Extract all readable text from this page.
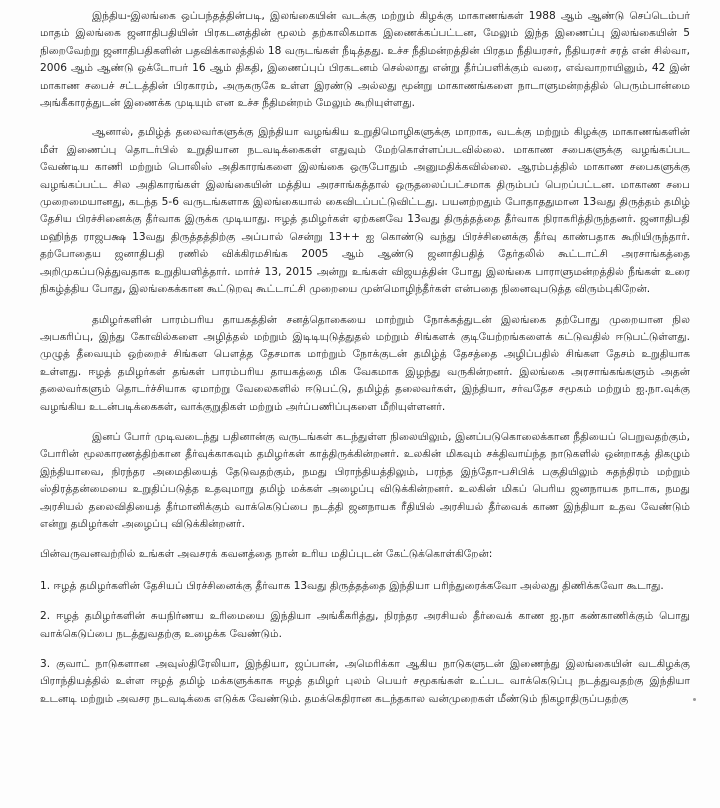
இந்திய-இலங்கை ஒப்பந்தத்தின்படி, இலங்கையின் வடக்கு மற்றும் கிழக்கு மாகாணங்கள் 1988 ஆம் ஆண்டு செப்டெம்பர் மாதம் இலங்கை ஜனாதிபதியின் பிரகடனத்தின் மூலம் தற்காலிகமாக இணைக்கப்பட்டன, மேலும் இந்த இணைப்பு இலங்கையின் 5 நிறைவேற்று ஜனாதிபதிகளின் பதவிக்காலத்தில் 18 வருடங்கள் நீடித்தது. உச்ச நீதிமன்றத்தின் பிரதம நீதியரசர், நீதியரசர் சரத் என் சில்வா, 2006 ஆம் ஆண்டு ஒக்டோபர் 16 ஆம் திகதி, இணைப்புப் பிரகடனம் செல்லாது என்று தீர்ப்பளிக்கும் வரை, எவ்வாறாயினும், 42 இன் மாகாண சபைச் சட்டத்தின் பிரகாரம், அருகருகே உள்ள இரண்டு அல்லது மூன்று மாகாணங்களை நாடாளுமன்றத்தில் பெரும்பான்மை அங்கீகாரத்துடன் இணைக்க முடியும் என உச்ச நீதிமன்றம் மேலும் கூறியுள்ளது.

ஆனால், தமிழ்த் தலைவர்களுக்கு இந்தியா வழங்கிய உறுதிமொழிகளுக்கு மாறாக, வடக்கு மற்றும் கிழக்கு மாகாணங்களின் மீள் இணைப்பு தொடர்பில் உறுதியான நடவடிக்கைகள் எதுவும் மேற்கொள்ளப்படவில்லை. மாகாண சபைகளுக்கு வழங்கப்பட வேண்டிய காணி மற்றும் பொலிஸ் அதிகாரங்களை இலங்கை ஒருபோதும் அனுமதிக்கவில்லை. ஆரம்பத்தில் மாகாண சபைகளுக்கு வழங்கப்பட்ட சில அதிகாரங்கள் இலங்கையின் மத்திய அரசாங்கத்தால் ஒருதலைப்பட்சமாக திரும்பப் பெறப்பட்டன. மாகாண சபை முறைமையானது, கடந்த 5-6 வருடங்களாக இலங்கையால் கைவிடப்பட்டுவிட்டது. பயனற்றதும் போதாததுமான 13வது திருத்தம் தமிழ் தேசிய பிரச்சினைக்கு தீர்வாக இருக்க முடியாது. ஈழத் தமிழர்கள் ஏற்கனவே 13வது திருத்தத்தை தீர்வாக நிராகரித்திருந்தனர். ஜனாதிபதி மஹிந்த ராஜபக்ஷ 13வது திருத்தத்திற்கு அப்பால் சென்று 13++ ஐ கொண்டு வந்து பிரச்சினைக்கு தீர்வு காண்பதாக கூறியிருந்தார். தற்போதைய ஜனாதிபதி ரணில் விக்கிரமசிங்க 2005 ஆம் ஆண்டு ஜனாதிபதித் தேர்தலில் கூட்டாட்சி அரசாங்கத்தை அறிமுகப்படுத்துவதாக உறுதியளித்தார். மார்ச் 13, 2015 அன்று உங்கள் விஜயத்தின் போது இலங்கை பாராளுமன்றத்தில் நீங்கள் உரை நிகழ்த்திய போது, இலங்கைக்கான கூட்டுறவு கூட்டாட்சி முறையை முன்மொழிந்தீர்கள் என்பதை நினைவுபடுத்த விரும்புகிறேன்.

தமிழர்களின் பாரம்பரிய தாயகத்தின் சனத்தொகையை மாற்றும் நோக்கத்துடன் இலங்கை தற்போது முறையான நில அபகரிப்பு, இந்து கோவில்களை அழித்தல் மற்றும் இடிடியுடுத்துதல் மற்றும் சிங்களக் குடியேற்றங்களைக் கட்டுவதில் ஈடுபட்டுள்ளது. முழுத் தீவையும் ஒற்றைச் சிங்கள பௌத்த தேசமாக மாற்றும் நோக்குடன் தமிழ்த் தேசத்தை அழிப்பதில் சிங்கள தேசம் உறுதியாக உள்ளது. ஈழத் தமிழர்கள் தங்கள் பாரம்பரிய தாயகத்தை மிக வேகமாக இழந்து வருகின்றனர். இலங்கை அரசாங்கங்களும் அதன் தலைவர்களும் தொடர்ச்சியாக ஏமாற்று வேலைகளில் ஈடுபட்டு, தமிழ்த் தலைவர்கள், இந்தியா, சர்வதேச சமூகம் மற்றும் ஐ.நா.வுக்கு வழங்கிய உடன்படிக்கைகள், வாக்குறுதிகள் மற்றும் அர்ப்பணிப்புகளை மீறியுள்ளனர்.

இனப் போர் முடிவடைந்து பதினான்கு வருடங்கள் கடந்துள்ள நிலையிலும், இனப்படுகொலைக்கான நீதியைப் பெறுவதற்கும், போரின் மூலகாரணத்திற்கான தீர்வுக்காகவும் தமிழர்கள் காத்திருக்கின்றனர். உலகின் மிகவும் சக்திவாய்ந்த நாடுகளில் ஒன்றாகத் திகழும் இந்தியாவை, நிரந்தர அமைதியைத் தேடுவதற்கும், நமது பிராந்தியத்திலும், பரந்த இந்தோ-பசிபிக் பகுதியிலும் சுதந்திரம் மற்றும் ஸ்திரத்தன்மையை உறுதிப்படுத்த உதவுமாறு தமிழ் மக்கள் அழைப்பு விடுக்கின்றனர். உலகின் மிகப் பெரிய ஜனநாயக நாடாக, நமது அரசியல் தலைவிதியைத் தீர்மானிக்கும் வாக்கெடுப்பை நடத்தி ஜனநாயக ரீதியில் அரசியல் தீர்வைக் காண இந்தியா உதவ வேண்டும் என்று தமிழர்கள் அழைப்பு விடுக்கின்றனர்.

பின்வருவனவற்றில் உங்கள் அவசரக் கவனத்தை நான் உரிய மதிப்புடன் கேட்டுக்கொள்கிறேன்:

1. ஈழத் தமிழர்களின் தேசியப் பிரச்சினைக்கு தீர்வாக 13வது திருத்தத்தை இந்தியா பரிந்துரைக்கவோ அல்லது திணிக்கவோ கூடாது.

2. ஈழத் தமிழர்களின் சுயநிர்ணய உரிமையை இந்தியா அங்கீகரித்து, நிரந்தர அரசியல் தீர்வைக் காண ஐ.நா கண்காணிக்கும் பொது வாக்கெடுப்பை நடத்துவதற்கு உழைக்க வேண்டும்.

3. குவாட் நாடுகளான அவுஸ்திரேலியா, இந்தியா, ஜப்பான், அமெரிக்கா ஆகிய நாடுகளுடன் இணைந்து இலங்கையின் வடகிழக்கு பிராந்தியத்தில் உள்ள ஈழத் தமிழ் மக்களுக்காக ஈழத் தமிழர் புலம் பெயர் சமூகங்கள் உட்பட வாக்கெடுப்பு நடத்துவதற்கு இந்தியா உடனடி மற்றும் அவசர நடவடிக்கை எடுக்க வேண்டும். தமக்கெதிரான கடந்தகால வன்முறைகள் மீண்டும் நிகழாதிருப்பதற்கு
